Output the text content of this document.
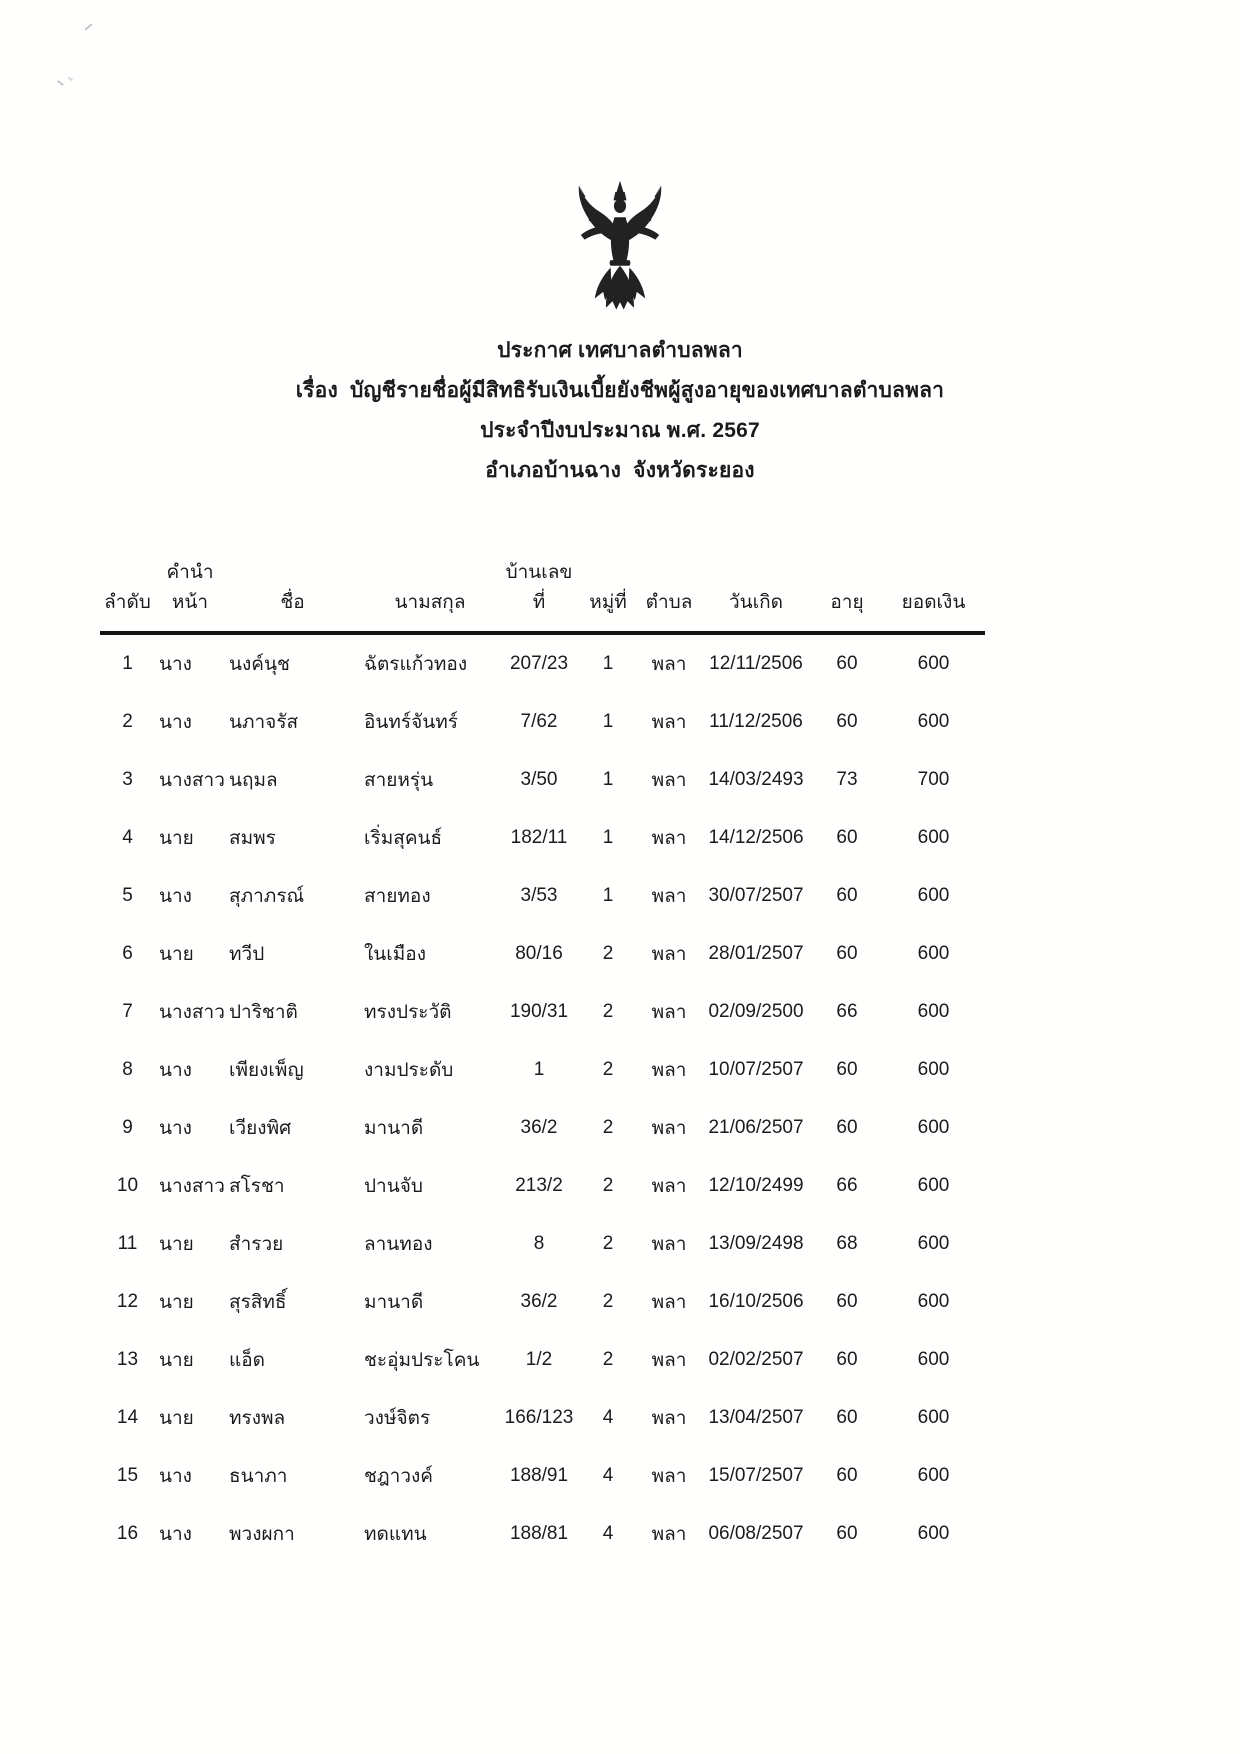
ประกาศ เทศบาลตำบลพลา
เรื่อง  บัญชีรายชื่อผู้มีสิทธิรับเงินเบี้ยยังชีพผู้สูงอายุของเทศบาลตำบลพลา
ประจำปีงบประมาณ พ.ศ. 2567
อำเภอบ้านฉาง  จังหวัดระยอง
ลำดับ	คำนำหน้า	ชื่อ	นามสกุล	บ้านเลขที่	หมู่ที่	ตำบล	วันเกิด	อายุ	ยอดเงิน
1	นาง	นงค์นุช	ฉัตรแก้วทอง	207/23	1	พลา	12/11/2506	60	600
2	นาง	นภาจรัส	อินทร์จันทร์	7/62	1	พลา	11/12/2506	60	600
3	นางสาว	นฤมล	สายหรุ่น	3/50	1	พลา	14/03/2493	73	700
4	นาย	สมพร	เริ่มสุคนธ์	182/11	1	พลา	14/12/2506	60	600
5	นาง	สุภาภรณ์	สายทอง	3/53	1	พลา	30/07/2507	60	600
6	นาย	ทวีป	ในเมือง	80/16	2	พลา	28/01/2507	60	600
7	นางสาว	ปาริชาติ	ทรงประวัติ	190/31	2	พลา	02/09/2500	66	600
8	นาง	เพียงเพ็ญ	งามประดับ	1	2	พลา	10/07/2507	60	600
9	นาง	เวียงพิศ	มานาดี	36/2	2	พลา	21/06/2507	60	600
10	นางสาว	สโรชา	ปานจับ	213/2	2	พลา	12/10/2499	66	600
11	นาย	สำรวย	ลานทอง	8	2	พลา	13/09/2498	68	600
12	นาย	สุรสิทธิ์	มานาดี	36/2	2	พลา	16/10/2506	60	600
13	นาย	แอ็ด	ชะอุ่มประโคน	1/2	2	พลา	02/02/2507	60	600
14	นาย	ทรงพล	วงษ์จิตร	166/123	4	พลา	13/04/2507	60	600
15	นาง	ธนาภา	ชฎาวงค์	188/91	4	พลา	15/07/2507	60	600
16	นาง	พวงผกา	ทดแทน	188/81	4	พลา	06/08/2507	60	600
